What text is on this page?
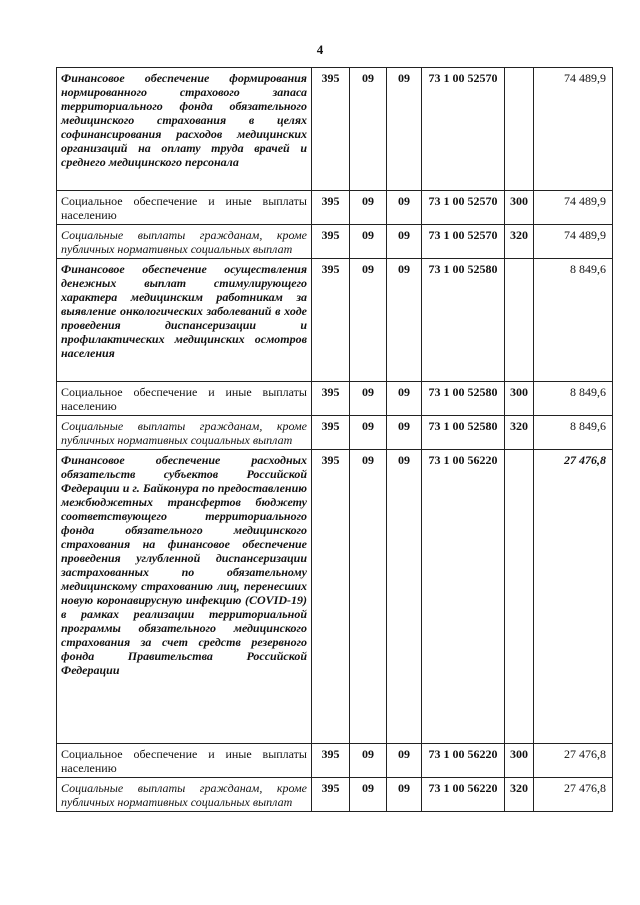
4
Финансовое обеспечение формирования нормированного страхового запаса территориального фонда обязательного медицинского страхования в целях софинансирования расходов медицинских организаций на оплату труда врачей и среднего медицинского персонала	395	09	09	73 1 00 52570		74 489,9
Социальное обеспечение и иные выплаты населению	395	09	09	73 1 00 52570	300	74 489,9
Социальные выплаты гражданам, кроме публичных нормативных социальных выплат	395	09	09	73 1 00 52570	320	74 489,9
Финансовое обеспечение осуществления денежных выплат стимулирующего характера медицинским работникам за выявление онкологических заболеваний в ходе проведения диспансеризации и профилактических медицинских осмотров населения	395	09	09	73 1 00 52580		8 849,6
Социальное обеспечение и иные выплаты населению	395	09	09	73 1 00 52580	300	8 849,6
Социальные выплаты гражданам, кроме публичных нормативных социальных выплат	395	09	09	73 1 00 52580	320	8 849,6
Финансовое обеспечение расходных обязательств субъектов Российской Федерации и г. Байконура по предоставлению межбюджетных трансфертов бюджету соответствующего территориального фонда обязательного медицинского страхования на финансовое обеспечение проведения углубленной диспансеризации застрахованных по обязательному медицинскому страхованию лиц, перенесших новую коронавирусную инфекцию (COVID-19) в рамках реализации территориальной программы обязательного медицинского страхования за счет средств резервного фонда Правительства Российской Федерации	395	09	09	73 1 00 56220		27 476,8
Социальное обеспечение и иные выплаты населению	395	09	09	73 1 00 56220	300	27 476,8
Социальные выплаты гражданам, кроме публичных нормативных социальных выплат	395	09	09	73 1 00 56220	320	27 476,8
